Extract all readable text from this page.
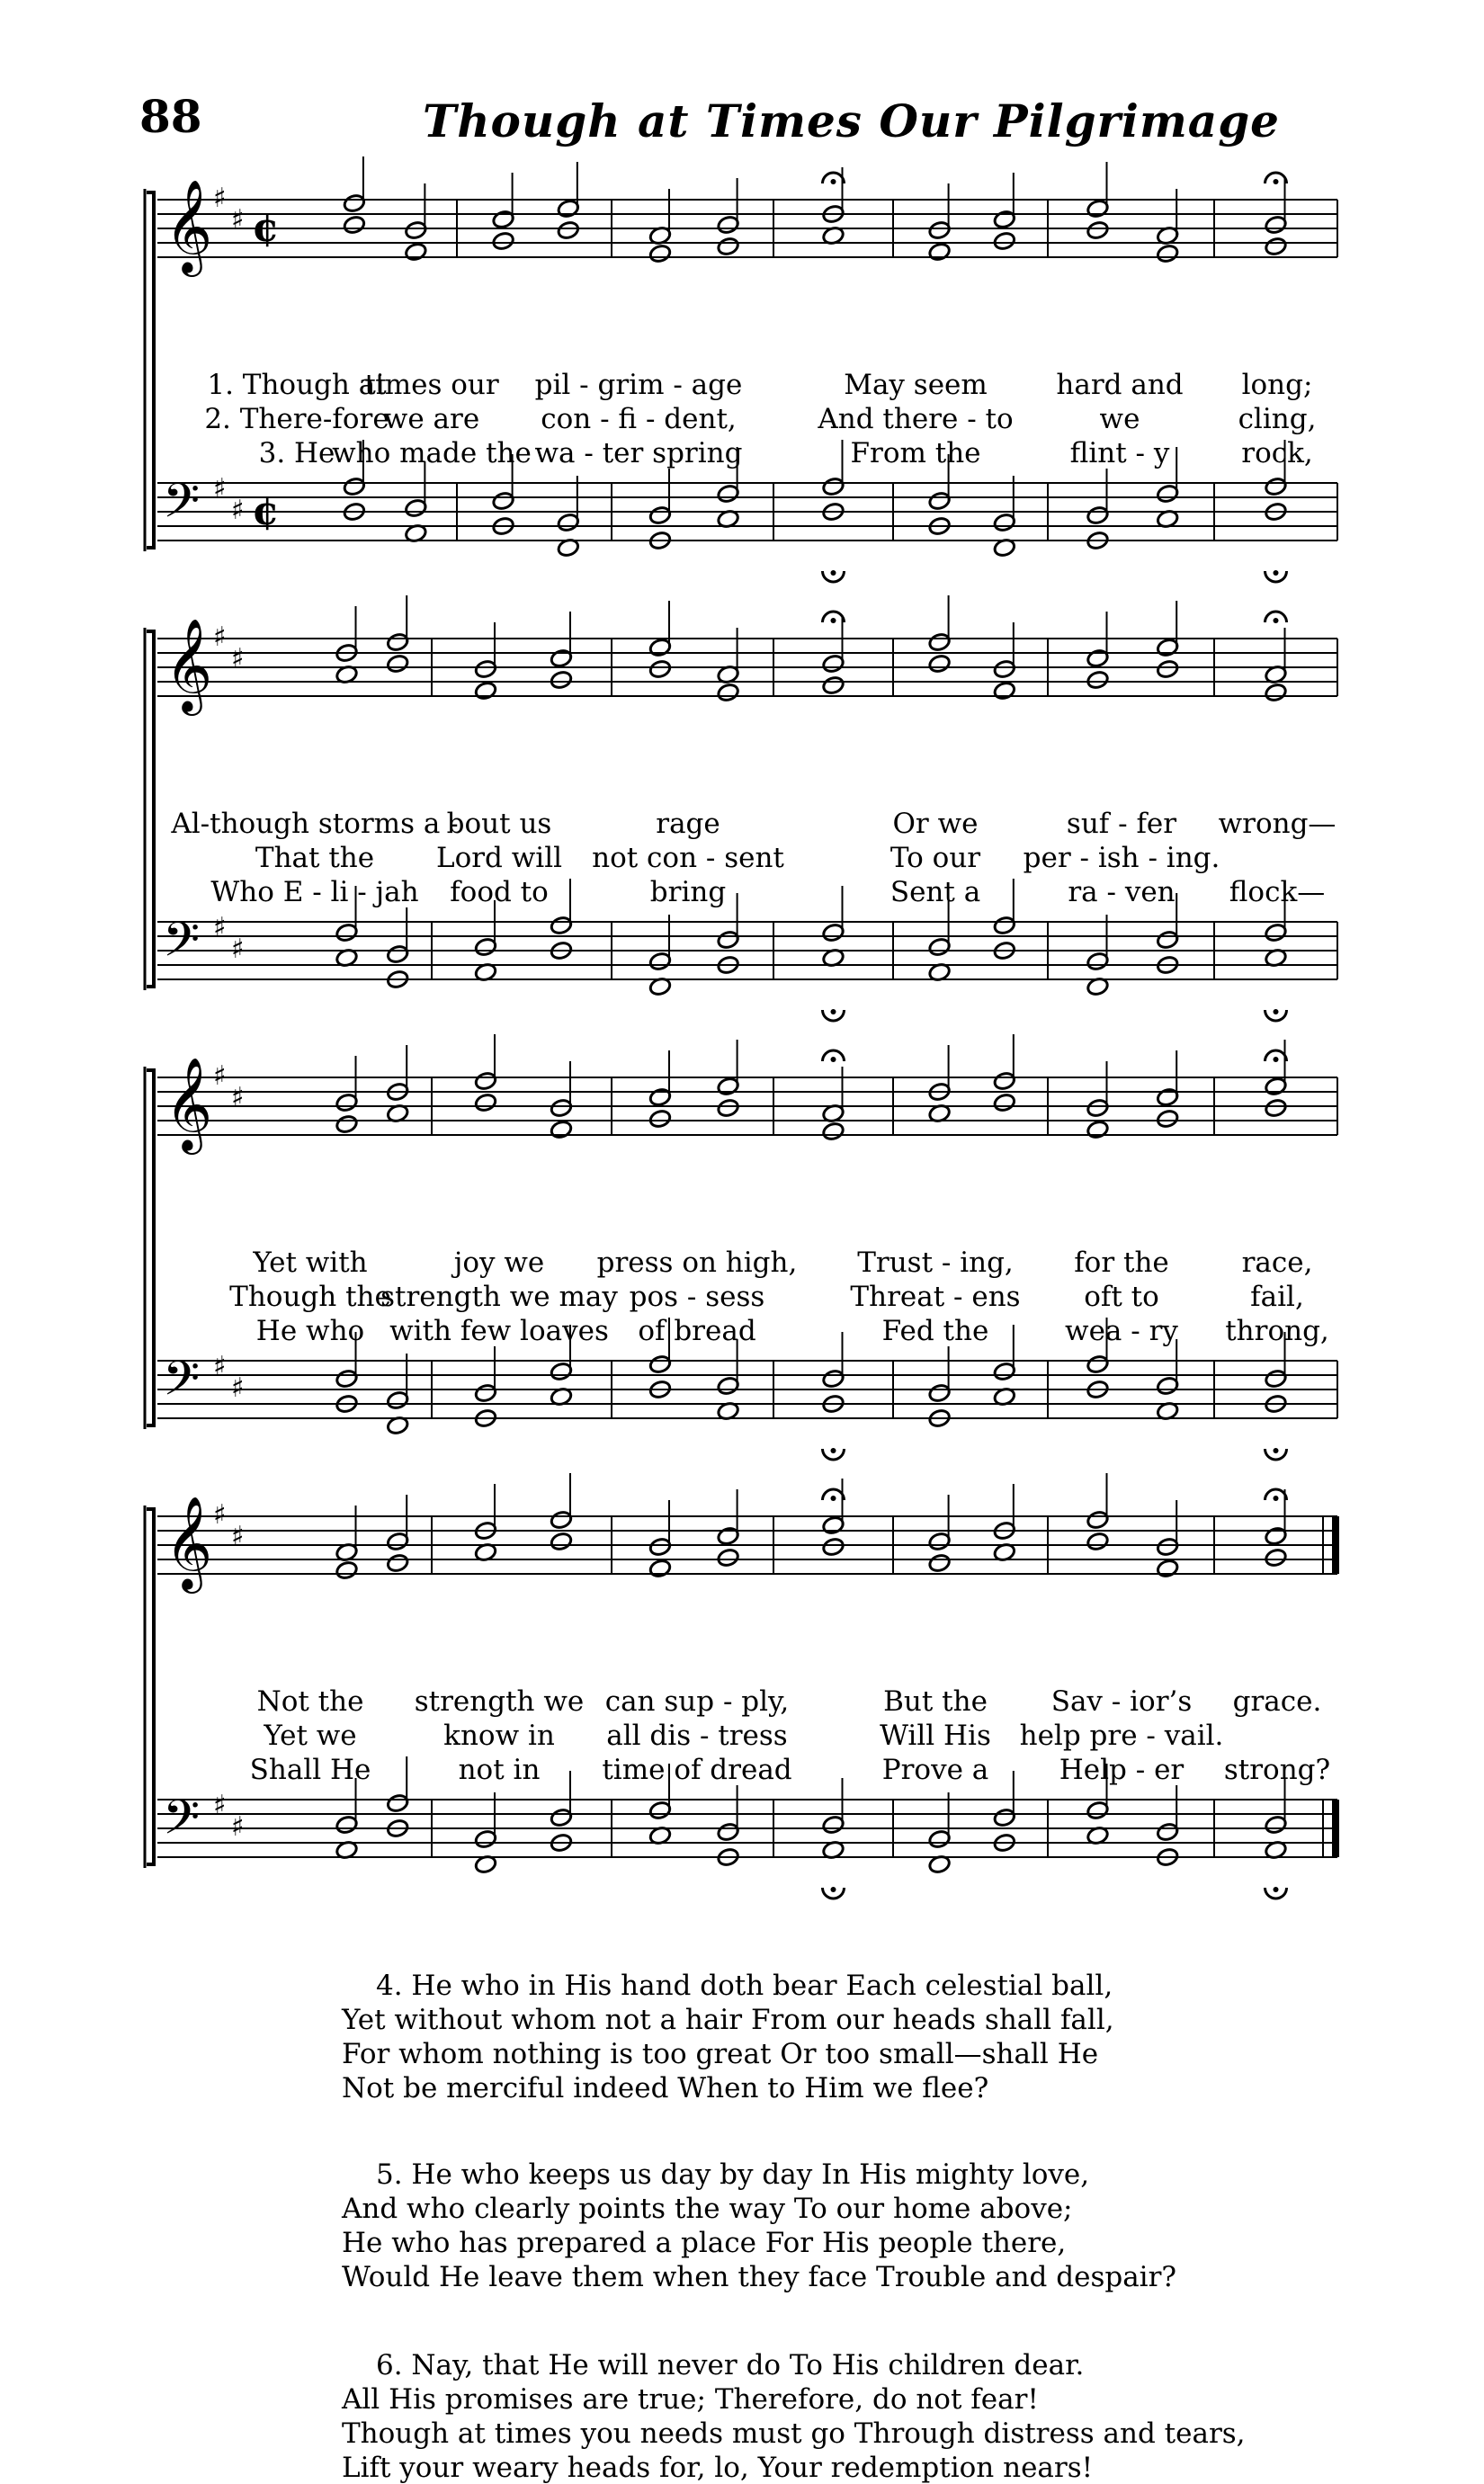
88	Though at Times Our Pilgrimage
𝄞 ♯
♯ ¢
𝄢 ♯
♯ ¢
𝄞 ♯
♯
𝄢 ♯
♯
𝄞 ♯
♯
𝄢 ♯
♯
𝄞 ♯
♯
𝄢 ♯
♯
1. Though at
times our pil - grim - age	May seem hard and long;
2. There-fore
we are con - fi - dent,	And there - to	we	cling,
3. He
who made the wa - ter spring	From the	flint - y	rock,
Al-though storms a -
bout us	rage	Or we	suf - fer wrong—
That the Lord will not con - sent	To our per - ish - ing.
Who E - li - jah food to	bring	Sent a	ra - ven flock—
Yet with	joy we press on high, Trust - ing, for the	race,
Though the
strength we may pos - sess	Threat - ens oft to	fail,
He who with few loaves of bread	Fed the	wea - ry throng,
Not the strength we can sup - ply,	But the Sav - ior’s grace.
Yet we	know in all dis - tress	Will His help pre - vail.
Shall He	not in time of dread	Prove a	Help - er strong?
4. He who in His hand doth bear Each celestial ball,
Yet without whom not a hair From our heads shall fall,
For whom nothing is too great Or too small—shall He
Not be merciful indeed When to Him we flee?
5. He who keeps us day by day In His mighty love,
And who clearly points the way To our home above;
He who has prepared a place For His people there,
Would He leave them when they face Trouble and despair?
6. Nay, that He will never do To His children dear.
All His promises are true; Therefore, do not fear!
Though at times you needs must go Through distress and tears,
Lift your weary heads for, lo, Your redemption nears!
